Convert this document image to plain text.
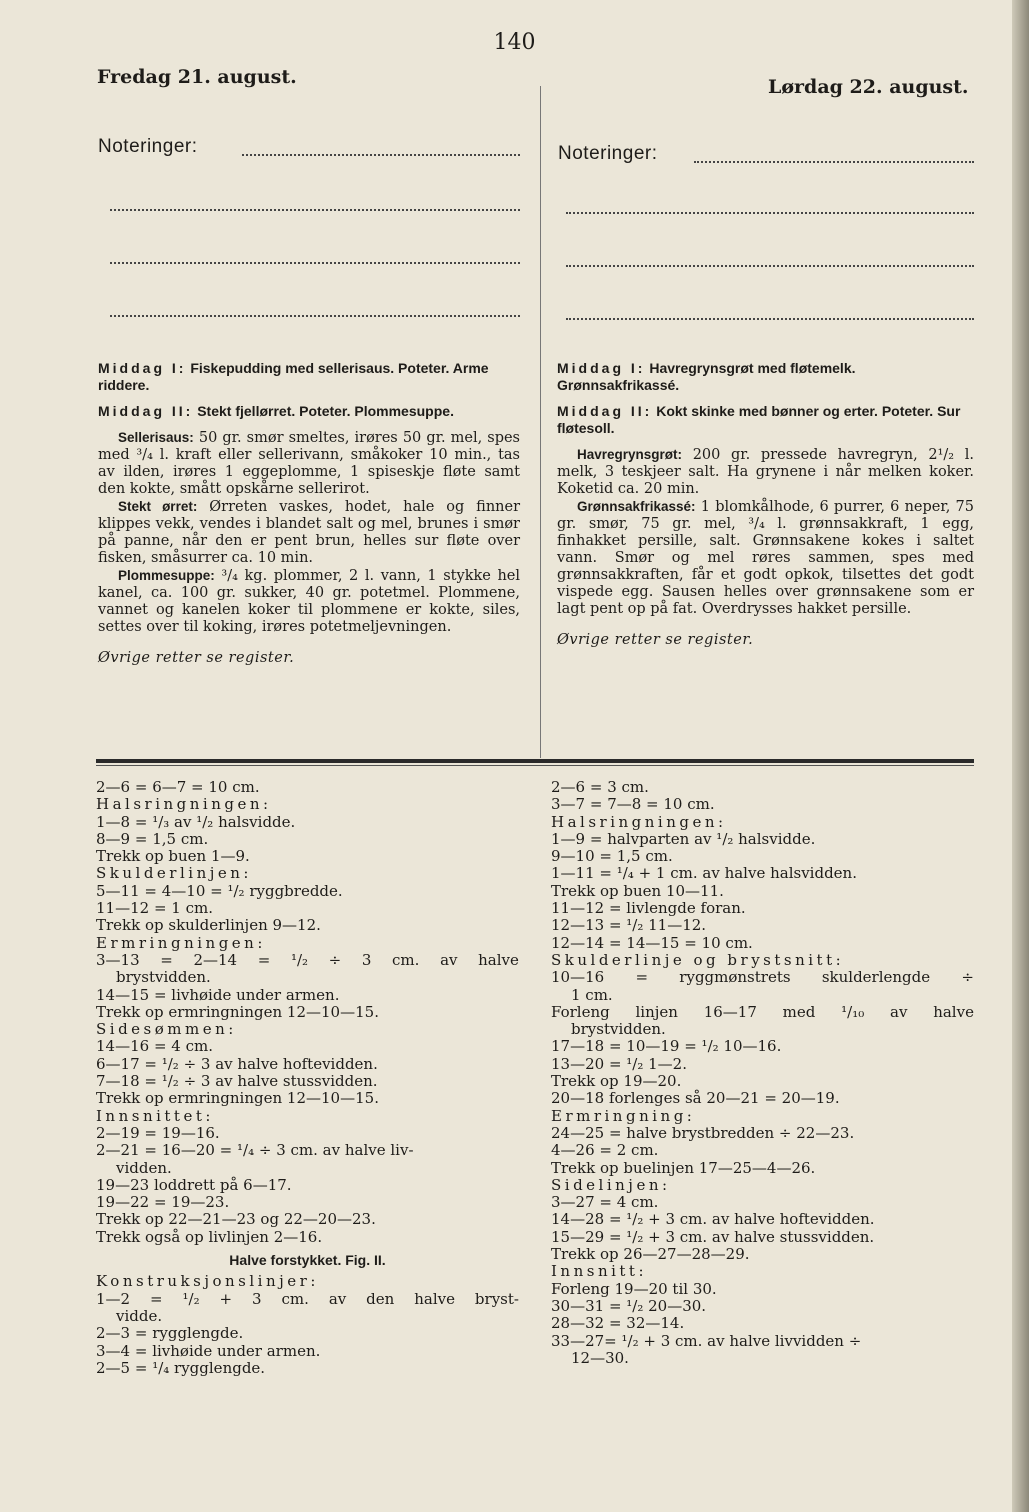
140
Fredag 21. august.	Lørdag 22. august.
Noteringer:	Noteringer:

Middag I: Fiskepudding med sellerisaus. Poteter. Arme riddere.

Middag II: Stekt fjellørret. Poteter. Plommesuppe.

Sellerisaus: 50 gr. smør smeltes, irøres 50 gr. mel, spes med ³/₄ l. kraft eller sellerivann, småkoker 10 min., tas av ilden, irøres 1 eggeplomme, 1 spiseskje fløte samt den kokte, smått opskårne sellerirot.

Stekt ørret: Ørreten vaskes, hodet, hale og finner klippes vekk, vendes i blandet salt og mel, brunes i smør på panne, når den er pent brun, helles sur fløte over fisken, småsurrer ca. 10 min.

Plommesuppe: ³/₄ kg. plommer, 2 l. vann, 1 stykke hel kanel, ca. 100 gr. sukker, 40 gr. potetmel. Plommene, vannet og kanelen koker til plommene er kokte, siles, settes over til koking, irøres potetmeljevningen.

Øvrige retter se register.

Middag I: Havregrynsgrøt med fløtemelk. Grønnsakfrikassé.

Middag II: Kokt skinke med bønner og erter. Poteter. Sur fløtesoll.

Havregrynsgrøt: 200 gr. pressede havregryn, 2¹/₂ l. melk, 3 teskjeer salt. Ha grynene i når melken koker. Koketid ca. 20 min.

Grønnsakfrikassé: 1 blomkålhode, 6 purrer, 6 neper, 75 gr. smør, 75 gr. mel, ³/₄ l. grønnsakkraft, 1 egg, finhakket persille, salt. Grønnsakene kokes i saltet vann. Smør og mel røres sammen, spes med grønnsakkraften, får et godt opkok, tilsettes det godt vispede egg. Sausen helles over grønnsakene som er lagt pent op på fat. Overdrysses hakket persille.

Øvrige retter se register.

2—6 = 6—7 = 10 cm.
Halsringningen:
1—8 = ¹/₃ av ¹/₂ halsvidde.
8—9 = 1,5 cm.
Trekk op buen 1—9.
Skulderlinjen:
5—11 = 4—10 = ¹/₂ ryggbredde.
11—12 = 1 cm.
Trekk op skulderlinjen 9—12.
Ermringningen:
3—13 = 2—14 = ¹/₂ ÷ 3 cm. av halve
brystvidden.
14—15 = livhøide under armen.
Trekk op ermringningen 12—10—15.
Sidesømmen:
14—16 = 4 cm.
6—17 = ¹/₂ ÷ 3 av halve hoftevidden.
7—18 = ¹/₂ ÷ 3 av halve stussvidden.
Trekk op ermringningen 12—10—15.
Innsnittet:
2—19 = 19—16.
2—21 = 16—20 = ¹/₄ ÷ 3 cm. av halve liv-
vidden.
19—23 loddrett på 6—17.
19—22 = 19—23.
Trekk op 22—21—23 og 22—20—23.
Trekk også op livlinjen 2—16.
Halve forstykket. Fig. II.
Konstruksjonslinjer:
1—2 = ¹/₂ + 3 cm. av den halve bryst-
vidde.
2—3 = rygglengde.
3—4 = livhøide under armen.
2—5 = ¹/₄ rygglengde.
2—6 = 3 cm.
3—7 = 7—8 = 10 cm.
Halsringningen:
1—9 = halvparten av ¹/₂ halsvidde.
9—10 = 1,5 cm.
1—11 = ¹/₄ + 1 cm. av halve halsvidden.
Trekk op buen 10—11.
11—12 = livlengde foran.
12—13 = ¹/₂ 11—12.
12—14 = 14—15 = 10 cm.
Skulderlinje og brystsnitt:
10—16 = ryggmønstrets skulderlengde ÷
1 cm.
Forleng linjen 16—17 med ¹/₁₀ av halve
brystvidden.
17—18 = 10—19 = ¹/₂ 10—16.
13—20 = ¹/₂ 1—2.
Trekk op 19—20.
20—18 forlenges så 20—21 = 20—19.
Ermringning:
24—25 = halve brystbredden ÷ 22—23.
4—26 = 2 cm.
Trekk op buelinjen 17—25—4—26.
Sidelinjen:
3—27 = 4 cm.
14—28 = ¹/₂ + 3 cm. av halve hoftevidden.
15—29 = ¹/₂ + 3 cm. av halve stussvidden.
Trekk op 26—27—28—29.
Innsnitt:
Forleng 19—20 til 30.
30—31 = ¹/₂ 20—30.
28—32 = 32—14.
33—27= ¹/₂ + 3 cm. av halve livvidden ÷
12—30.
